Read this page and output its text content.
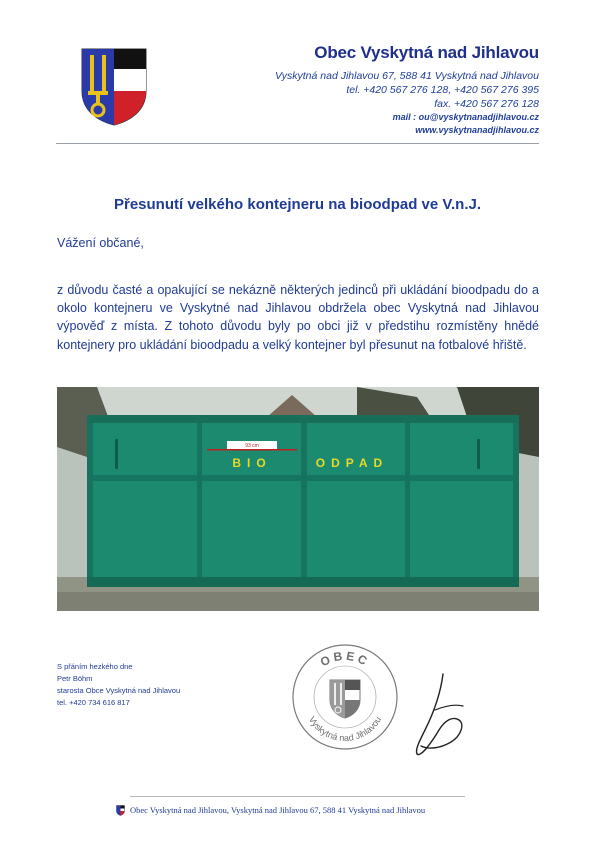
Obec Vyskytná nad Jihlavou
Vyskytná nad Jihlavou 67, 588 41 Vyskytná nad Jihlavou
tel. +420 567 276 128, +420 567 276 395
fax. +420 567 276 128
mail : ou@vyskytnanadjihlavou.cz
www.vyskytnanadjihlavou.cz
Přesunutí velkého kontejneru na bioodpad ve V.n.J.
Vážení občané,
z důvodu časté a opakující se nekázně některých jedinců při ukládání bioodpadu do a okolo kontejneru ve Vyskytné nad Jihlavou obdržela obec Vyskytná nad Jihlavou výpověď z místa. Z tohoto důvodu byly po obci již v předstihu rozmístěny hnědé kontejnery pro ukládání bioodpadu a velký kontejner byl přesunut na fotbalové hřiště.
93 cm
BIO	ODPAD
S přáním hezkého dne
Petr Böhm
starosta Obce Vyskytná nad Jihlavou
tel. +420 734 616 817
OBEC
Vyskytná nad Jihlavou
Obec Vyskytná nad Jihlavou, Vyskytná nad Jihlavou 67, 588 41 Vyskytná nad Jihlavou
